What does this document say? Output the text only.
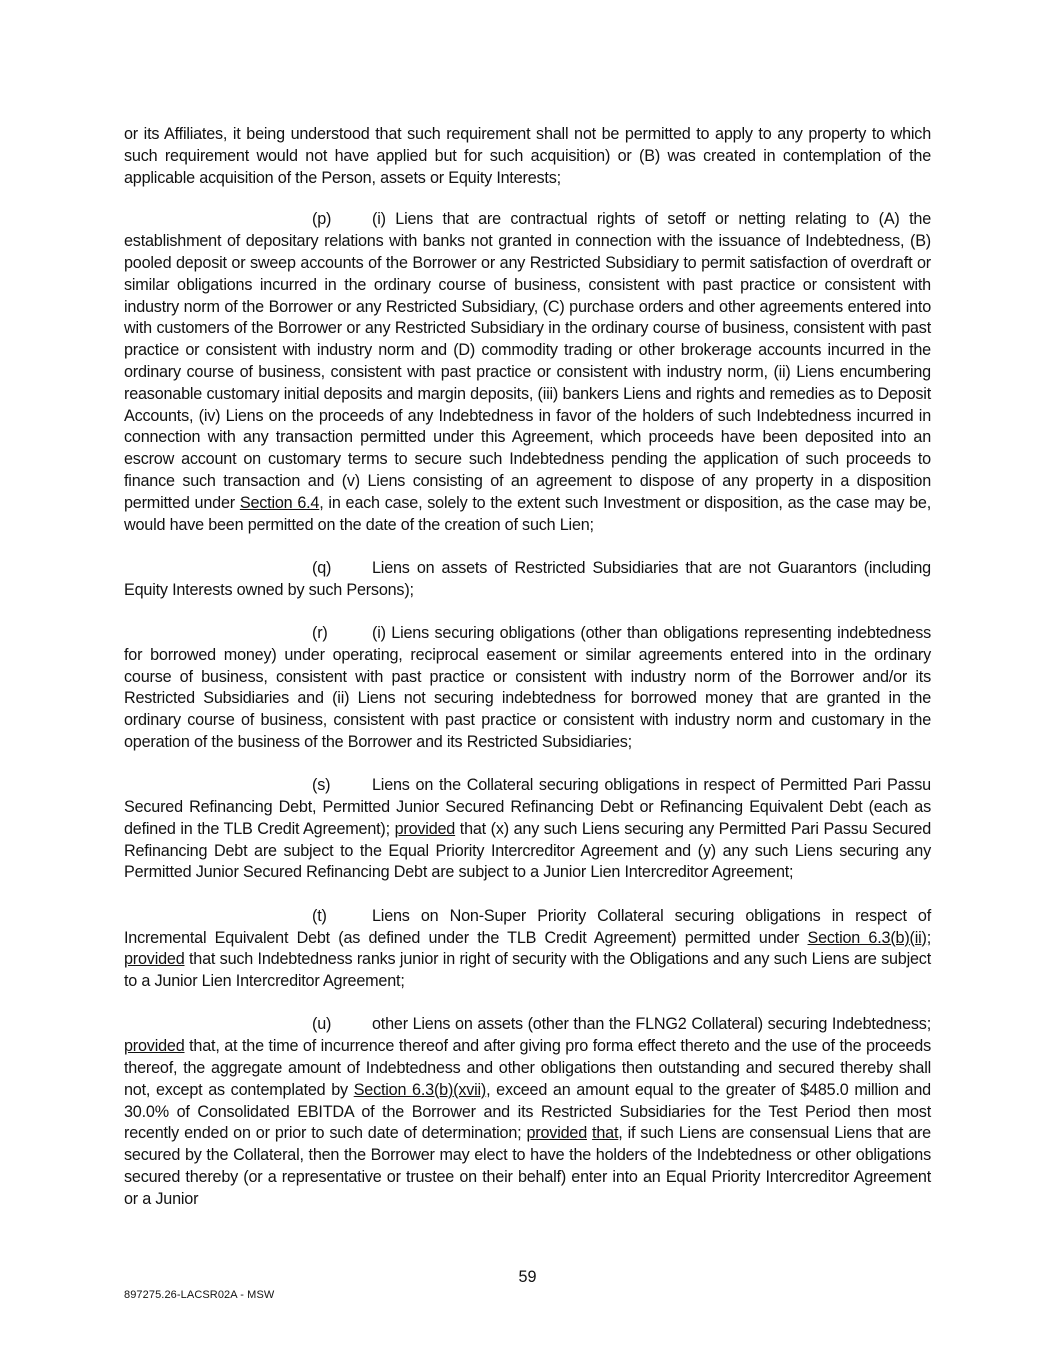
or its Affiliates, it being understood that such requirement shall not be permitted to apply to any property to which such requirement would not have applied but for such acquisition) or (B) was created in contemplation of the applicable acquisition of the Person, assets or Equity Interests;

(p)	(i) Liens that are contractual rights of setoff or netting relating to (A) the establishment of depositary relations with banks not granted in connection with the issuance of Indebtedness, (B) pooled deposit or sweep accounts of the Borrower or any Restricted Subsidiary to permit satisfaction of overdraft or similar obligations incurred in the ordinary course of business, consistent with past practice or consistent with industry norm of the Borrower or any Restricted Subsidiary, (C) purchase orders and other agreements entered into with customers of the Borrower or any Restricted Subsidiary in the ordinary course of business, consistent with past practice or consistent with industry norm and (D) commodity trading or other brokerage accounts incurred in the ordinary course of business, consistent with past practice or consistent with industry norm, (ii) Liens encumbering reasonable customary initial deposits and margin deposits, (iii) bankers Liens and rights and remedies as to Deposit Accounts, (iv) Liens on the proceeds of any Indebtedness in favor of the holders of such Indebtedness incurred in connection with any transaction permitted under this Agreement, which proceeds have been deposited into an escrow account on customary terms to secure such Indebtedness pending the application of such proceeds to finance such transaction and (v) Liens consisting of an agreement to dispose of any property in a disposition permitted under Section 6.4, in each case, solely to the extent such Investment or disposition, as the case may be, would have been permitted on the date of the creation of such Lien;

(q)	Liens on assets of Restricted Subsidiaries that are not Guarantors (including Equity Interests owned by such Persons);

(r)	(i) Liens securing obligations (other than obligations representing indebtedness for borrowed money) under operating, reciprocal easement or similar agreements entered into in the ordinary course of business, consistent with past practice or consistent with industry norm of the Borrower and/or its Restricted Subsidiaries and (ii) Liens not securing indebtedness for borrowed money that are granted in the ordinary course of business, consistent with past practice or consistent with industry norm and customary in the operation of the business of the Borrower and its Restricted Subsidiaries;

(s)	Liens on the Collateral securing obligations in respect of Permitted Pari Passu Secured Refinancing Debt, Permitted Junior Secured Refinancing Debt or Refinancing Equivalent Debt (each as defined in the TLB Credit Agreement); provided that (x) any such Liens securing any Permitted Pari Passu Secured Refinancing Debt are subject to the Equal Priority Intercreditor Agreement and (y) any such Liens securing any Permitted Junior Secured Refinancing Debt are subject to a Junior Lien Intercreditor Agreement;

(t)	Liens on Non-Super Priority Collateral securing obligations in respect of Incremental Equivalent Debt (as defined under the TLB Credit Agreement) permitted under Section 6.3(b)(ii); provided that such Indebtedness ranks junior in right of security with the Obligations and any such Liens are subject to a Junior Lien Intercreditor Agreement;

(u)	other Liens on assets (other than the FLNG2 Collateral) securing Indebtedness; provided that, at the time of incurrence thereof and after giving pro forma effect thereto and the use of the proceeds thereof, the aggregate amount of Indebtedness and other obligations then outstanding and secured thereby shall not, except as contemplated by Section 6.3(b)(xvii), exceed an amount equal to the greater of $485.0 million and 30.0% of Consolidated EBITDA of the Borrower and its Restricted Subsidiaries for the Test Period then most recently ended on or prior to such date of determination; provided that, if such Liens are consensual Liens that are secured by the Collateral, then the Borrower may elect to have the holders of the Indebtedness or other obligations secured thereby (or a representative or trustee on their behalf) enter into an Equal Priority Intercreditor Agreement or a Junior

59
897275.26-LACSR02A - MSW
